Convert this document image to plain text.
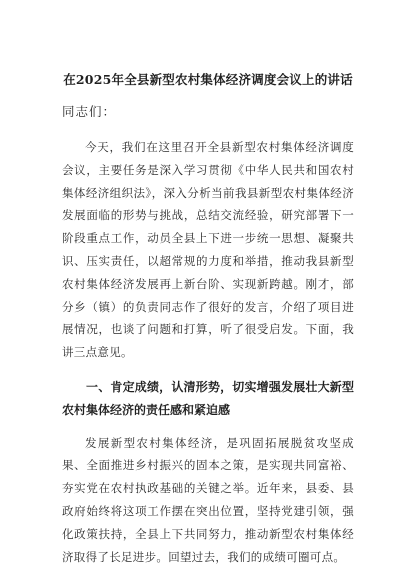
在2025年全县新型农村集体经济调度会议上的讲话
同志们：

今天，我们在这里召开全县新型农村集体经济调度会议，主要任务是深入学习贯彻《中华人民共和国农村集体经济组织法》，深入分析当前我县新型农村集体经济发展面临的形势与挑战，总结交流经验，研究部署下一阶段重点工作，动员全县上下进一步统一思想、凝聚共识、压实责任，以超常规的力度和举措，推动我县新型农村集体经济发展再上新台阶、实现新跨越。刚才，部分乡（镇）的负责同志作了很好的发言，介绍了项目进展情况，也谈了问题和打算，听了很受启发。下面，我讲三点意见。

一、肯定成绩，认清形势，切实增强发展壮大新型农村集体经济的责任感和紧迫感

发展新型农村集体经济，是巩固拓展脱贫攻坚成果、全面推进乡村振兴的固本之策，是实现共同富裕、夯实党在农村执政基础的关键之举。近年来，县委、县政府始终将这项工作摆在突出位置，坚持党建引领，强化政策扶持，全县上下共同努力，推动新型农村集体经济取得了长足进步。回望过去，我们的成绩可圈可点。
